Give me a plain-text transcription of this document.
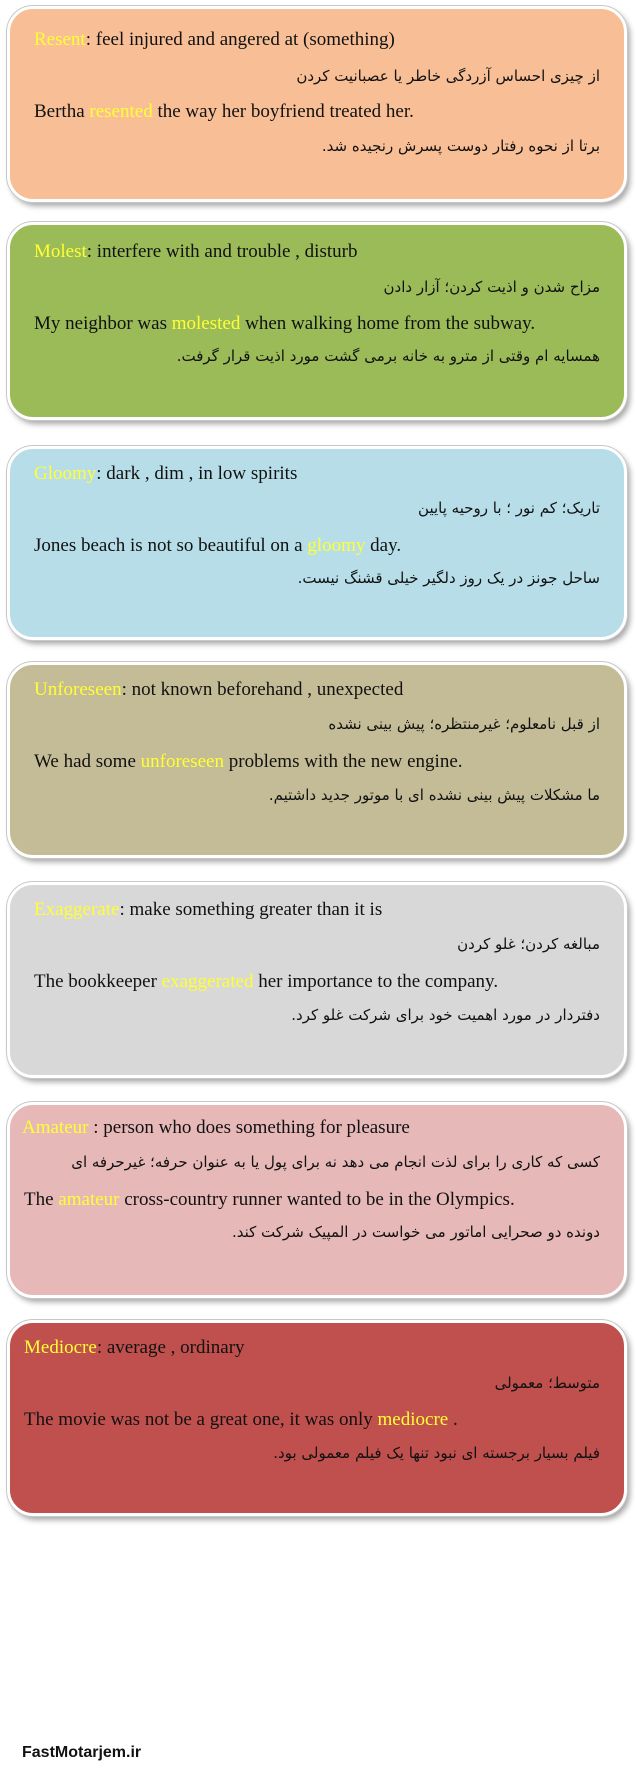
Resent: feel injured and angered at (something)
از چیزی احساس آزردگی خاطر یا عصبانیت کردن
Bertha resented the way her boyfriend treated her.
برتا از نحوه رفتار دوست پسرش رنجیده شد.
Molest: interfere with and trouble , disturb
مزاح شدن و اذیت کردن؛ آزار دادن
My neighbor was molested when walking home from the subway.
همسایه ام وقتی از مترو به خانه برمی گشت مورد اذیت قرار گرفت.
Gloomy: dark , dim , in low spirits
تاریک؛ کم نور ؛ با روحیه پایین
Jones beach is not so beautiful on a gloomy day.
ساحل جونز در یک روز دلگیر خیلی قشنگ نیست.
Unforeseen: not known beforehand , unexpected
از قبل نامعلوم؛ غیرمنتظره؛ پیش بینی نشده
We had some unforeseen problems with the new engine.
ما مشکلات پیش بینی نشده ای با موتور جدید داشتیم.
Exaggerate: make something greater than it is
مبالغه کردن؛ غلو کردن
The bookkeeper exaggerated her importance to the company.
دفتردار در مورد اهمیت خود برای شرکت غلو کرد.
Amateur : person who does something for pleasure
کسی که کاری را برای لذت انجام می دهد نه برای پول یا به عنوان حرفه؛ غیرحرفه ای
The amateur cross-country runner wanted to be in the Olympics.
دونده دو صحرایی اماتور می خواست در المپیک شرکت کند.
Mediocre: average , ordinary
متوسط؛ معمولی
The movie was not be a great one, it was only mediocre .
فیلم بسیار برجسته ای نبود تنها یک فیلم معمولی بود.
FastMotarjem.ir
